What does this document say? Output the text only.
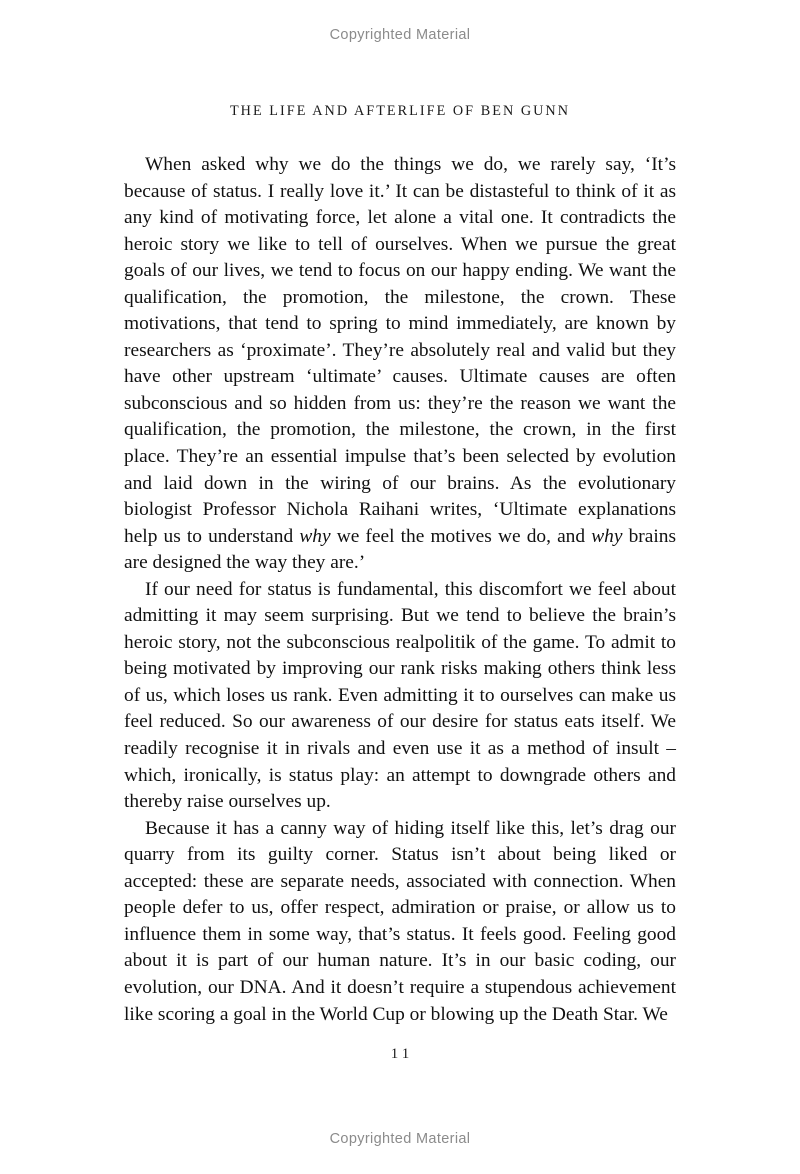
Copyrighted Material
THE LIFE AND AFTERLIFE OF BEN GUNN

When asked why we do the things we do, we rarely say, ‘It’s because of status. I really love it.’ It can be distasteful to think of it as any kind of motivating force, let alone a vital one. It contradicts the heroic story we like to tell of ourselves. When we pursue the great goals of our lives, we tend to focus on our happy ending. We want the qualification, the promotion, the milestone, the crown. These motivations, that tend to spring to mind immediately, are known by researchers as ‘proximate’. They’re absolutely real and valid but they have other upstream ‘ultimate’ causes. Ultimate causes are often subconscious and so hidden from us: they’re the reason we want the qualification, the promotion, the milestone, the crown, in the first place. They’re an essential impulse that’s been selected by evolution and laid down in the wiring of our brains. As the evolutionary biologist Professor Nichola Raihani writes, ‘Ultimate explanations help us to understand why we feel the motives we do, and why brains are designed the way they are.’

If our need for status is fundamental, this discomfort we feel about admitting it may seem surprising. But we tend to believe the brain’s heroic story, not the subconscious realpolitik of the game. To admit to being motivated by improving our rank risks making others think less of us, which loses us rank. Even admitting it to ourselves can make us feel reduced. So our awareness of our desire for status eats itself. We readily recognise it in rivals and even use it as a method of insult – which, ironically, is status play: an attempt to downgrade others and thereby raise ourselves up.

Because it has a canny way of hiding itself like this, let’s drag our quarry from its guilty corner. Status isn’t about being liked or accepted: these are separate needs, associated with connection. When people defer to us, offer respect, admiration or praise, or allow us to influence them in some way, that’s status. It feels good. Feeling good about it is part of our human nature. It’s in our basic coding, our evolution, our DNA. And it doesn’t require a stupendous achievement like scoring a goal in the World Cup or blowing up the Death Star. We

11
Copyrighted Material
